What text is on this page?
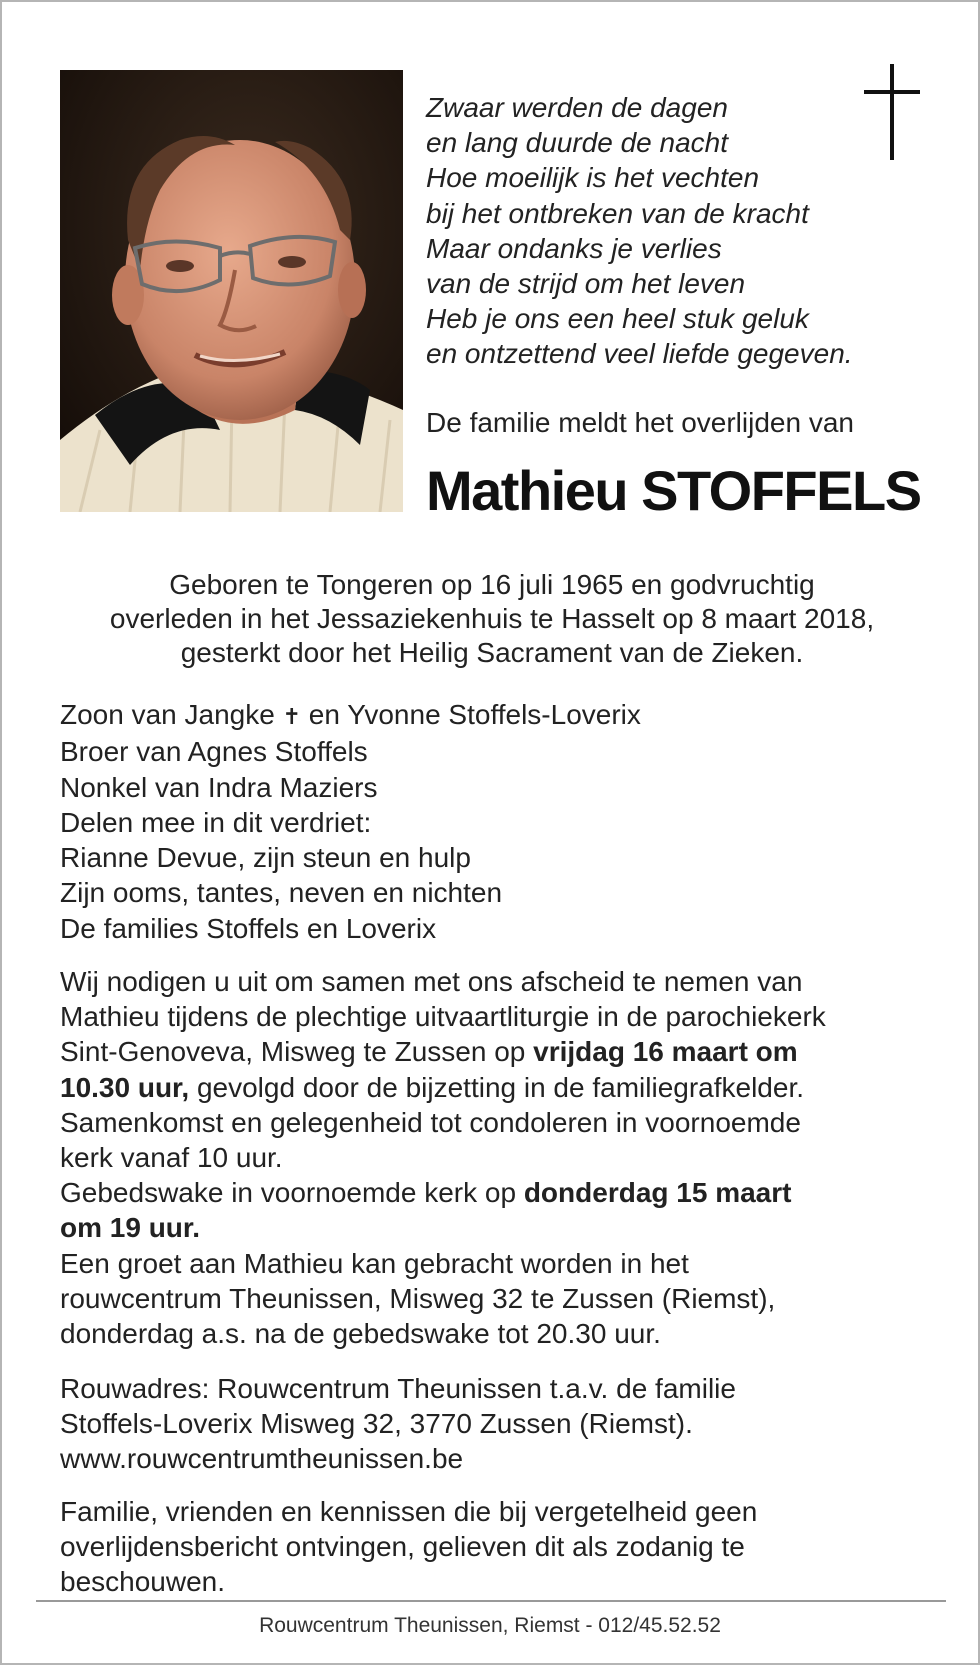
Zwaar werden de dagen
en lang duurde de nacht
Hoe moeilijk is het vechten
bij het ontbreken van de kracht
Maar ondanks je verlies
van de strijd om het leven
Heb je ons een heel stuk geluk
en ontzettend veel liefde gegeven.
De familie meldt het overlijden van
Mathieu STOFFELS
Geboren te Tongeren op 16 juli 1965 en godvruchtig
overleden in het Jessaziekenhuis te Hasselt op 8 maart 2018,
gesterkt door het Heilig Sacrament van de Zieken.
Zoon van Jangke ✝ en Yvonne Stoffels-Loverix
Broer van Agnes Stoffels
Nonkel van Indra Maziers
Delen mee in dit verdriet:
Rianne Devue, zijn steun en hulp
Zijn ooms, tantes, neven en nichten
De families Stoffels en Loverix
Wij nodigen u uit om samen met ons afscheid te nemen van
Mathieu tijdens de plechtige uitvaartliturgie in de parochiekerk
Sint-Genoveva, Misweg te Zussen op vrijdag 16 maart om
10.30 uur, gevolgd door de bijzetting in de familiegrafkelder.
Samenkomst en gelegenheid tot condoleren in voornoemde
kerk vanaf 10 uur.
Gebedswake in voornoemde kerk op donderdag 15 maart
om 19 uur.
Een groet aan Mathieu kan gebracht worden in het
rouwcentrum Theunissen, Misweg 32 te Zussen (Riemst),
donderdag a.s. na de gebedswake tot 20.30 uur.
Rouwadres: Rouwcentrum Theunissen t.a.v. de familie
Stoffels-Loverix Misweg 32, 3770 Zussen (Riemst).
www.rouwcentrumtheunissen.be
Familie, vrienden en kennissen die bij vergetelheid geen
overlijdensbericht ontvingen, gelieven dit als zodanig te
beschouwen.
Rouwcentrum Theunissen, Riemst - 012/45.52.52
